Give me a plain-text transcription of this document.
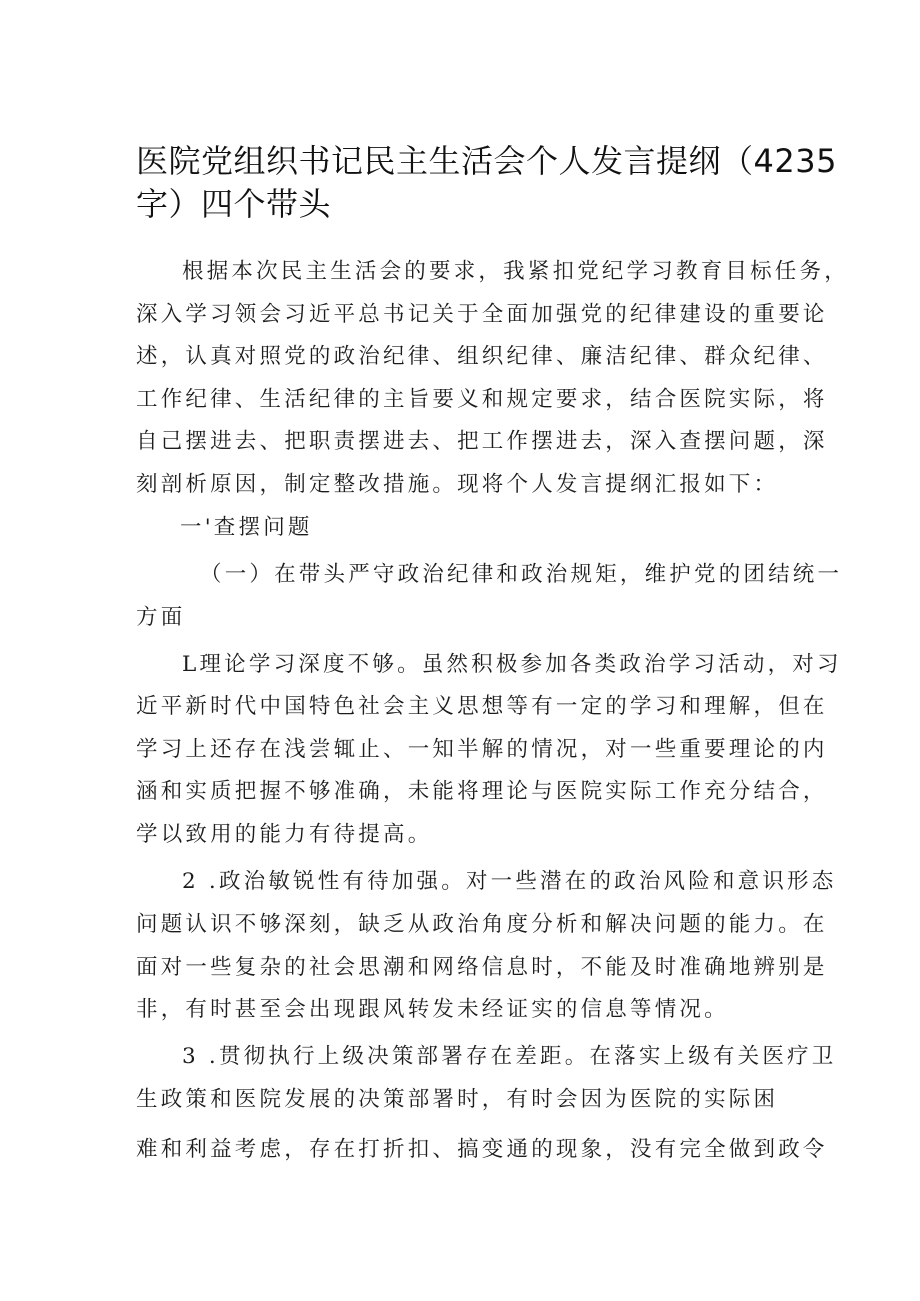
医院党组织书记民主生活会个人发言提纲（4235
字）四个带头
根据本次民主生活会的要求，我紧扣党纪学习教育目标任务，
深入学习领会习近平总书记关于全面加强党的纪律建设的重要论
述，认真对照党的政治纪律、组织纪律、廉洁纪律、群众纪律、
工作纪律、生活纪律的主旨要义和规定要求，结合医院实际，将
自己摆进去、把职责摆进去、把工作摆进去，深入查摆问题，深
刻剖析原因，制定整改措施。现将个人发言提纲汇报如下：
一'查摆问题
（一）在带头严守政治纪律和政治规矩，维护党的团结统一
方面
L理论学习深度不够。虽然积极参加各类政治学习活动，对习
近平新时代中国特色社会主义思想等有一定的学习和理解，但在
学习上还存在浅尝辄止、一知半解的情况，对一些重要理论的内
涵和实质把握不够准确，未能将理论与医院实际工作充分结合，
学以致用的能力有待提高。
2 .政治敏锐性有待加强。对一些潜在的政治风险和意识形态
问题认识不够深刻，缺乏从政治角度分析和解决问题的能力。在
面对一些复杂的社会思潮和网络信息时，不能及时准确地辨别是
非，有时甚至会出现跟风转发未经证实的信息等情况。
3 .贯彻执行上级决策部署存在差距。在落实上级有关医疗卫
生政策和医院发展的决策部署时，有时会因为医院的实际困
难和利益考虑，存在打折扣、搞变通的现象，没有完全做到政令
